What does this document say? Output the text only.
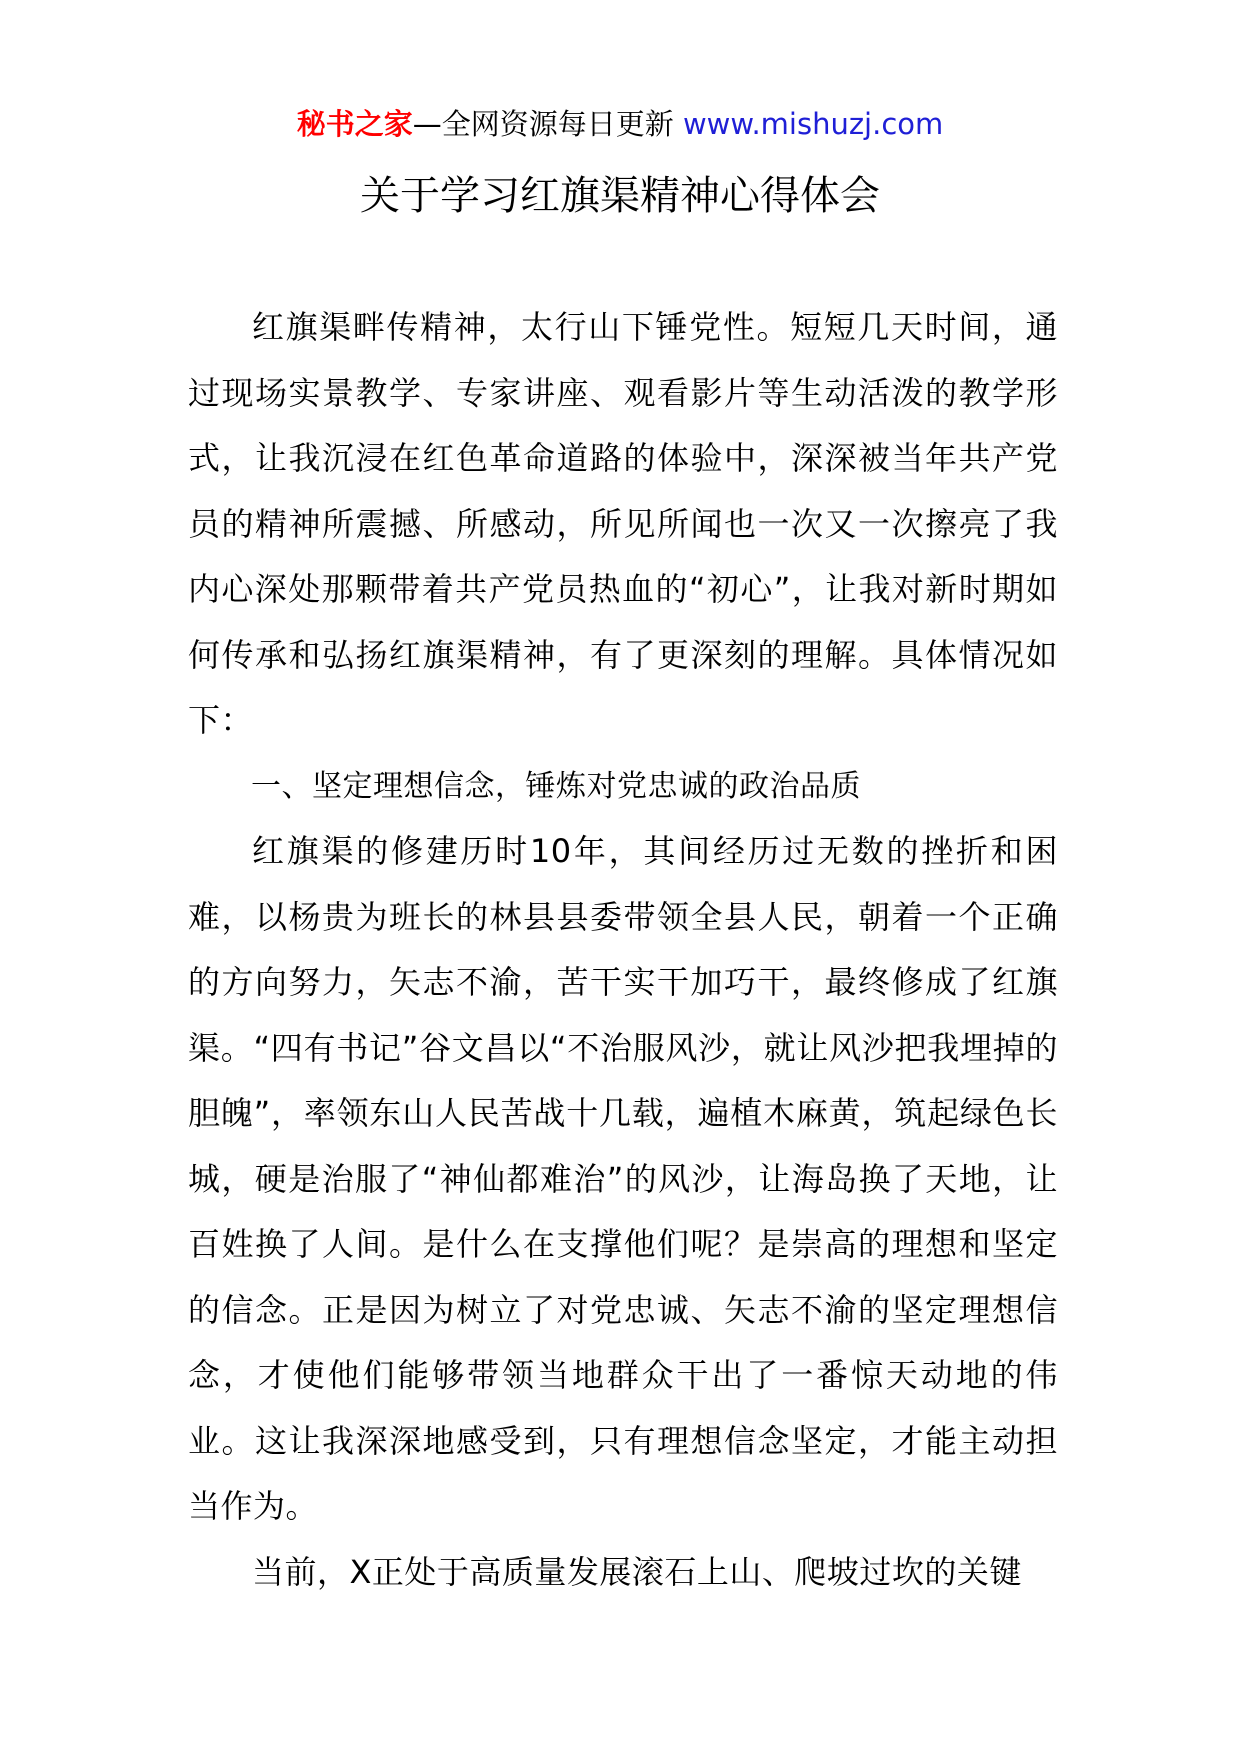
秘书之家—全网资源每日更新 www.mishuzj.com
关于学习红旗渠精神心得体会

红旗渠畔传精神，太行山下锤党性。短短几天时间，通过现场实景教学、专家讲座、观看影片等生动活泼的教学形式，让我沉浸在红色革命道路的体验中，深深被当年共产党员的精神所震撼、所感动，所见所闻也一次又一次擦亮了我内心深处那颗带着共产党员热血的“初心”，让我对新时期如何传承和弘扬红旗渠精神，有了更深刻的理解。具体情况如下：

一、坚定理想信念，锤炼对党忠诚的政治品质

红旗渠的修建历时10年，其间经历过无数的挫折和困难，以杨贵为班长的林县县委带领全县人民，朝着一个正确的方向努力，矢志不渝，苦干实干加巧干，最终修成了红旗渠。“四有书记”谷文昌以“不治服风沙，就让风沙把我埋掉的胆魄”，率领东山人民苦战十几载，遍植木麻黄，筑起绿色长城，硬是治服了“神仙都难治”的风沙，让海岛换了天地，让百姓换了人间。是什么在支撑他们呢？是崇高的理想和坚定的信念。正是因为树立了对党忠诚、矢志不渝的坚定理想信念，才使他们能够带领当地群众干出了一番惊天动地的伟业。这让我深深地感受到，只有理想信念坚定，才能主动担当作为。

当前，X正处于高质量发展滚石上山、爬坡过坎的关键
